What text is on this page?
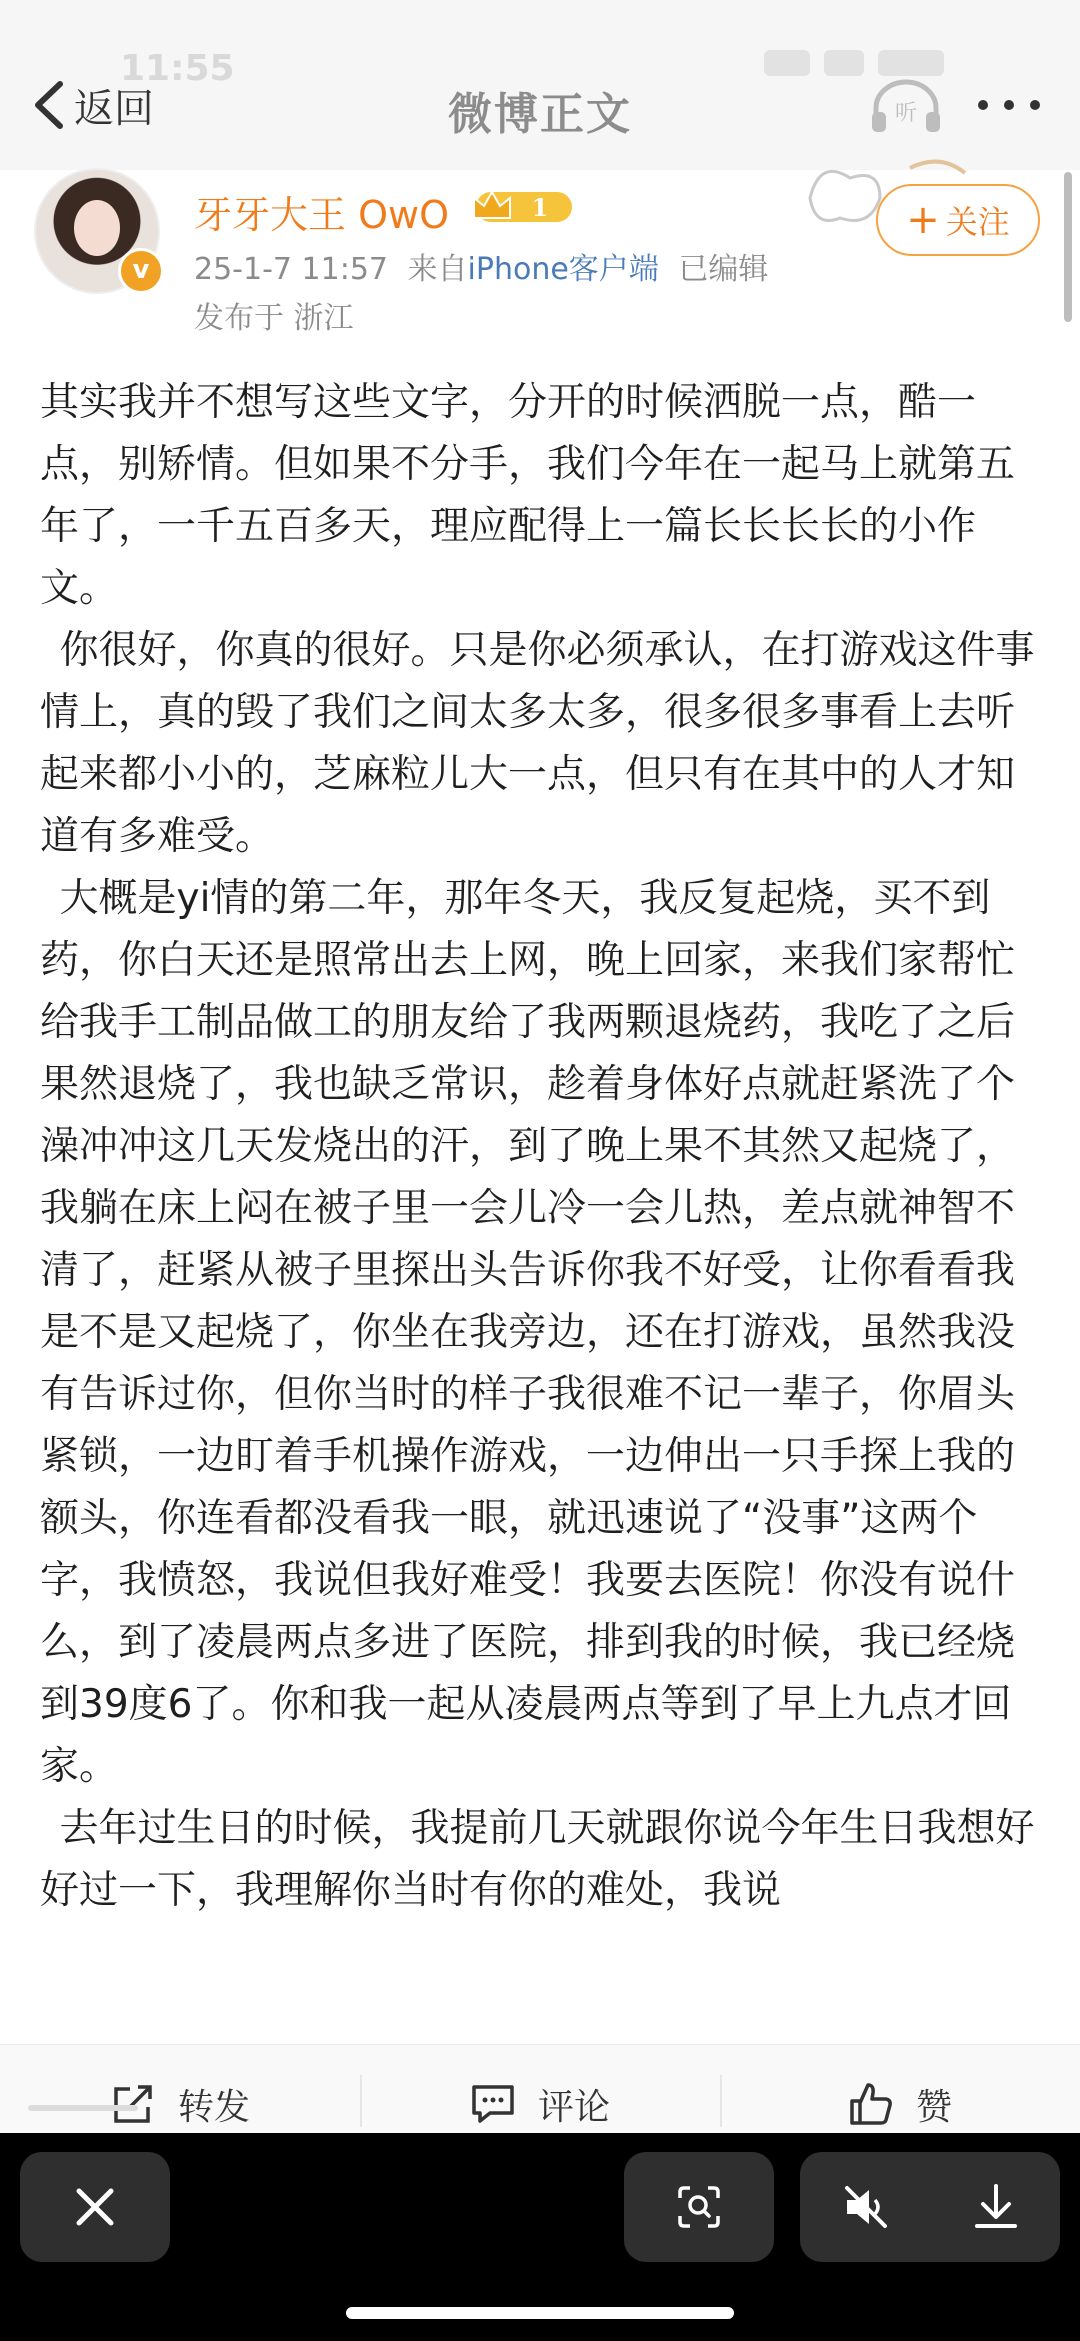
11:55
返回	微博正文	听
v
牙牙大王 OwO	1
25-1-7 11:57 来自iPhone客户端 已编辑
发布于 浙江
+ 关注

其实我并不想写这些文字，分开的时候洒脱一点，酷一点，别矫情。但如果不分手，我们今年在一起马上就第五年了，一千五百多天，理应配得上一篇长长长长的小作文。

你很好，你真的很好。只是你必须承认，在打游戏这件事情上，真的毁了我们之间太多太多，很多很多事看上去听起来都小小的，芝麻粒儿大一点，但只有在其中的人才知道有多难受。

大概是yi情的第二年，那年冬天，我反复起烧，买不到药，你白天还是照常出去上网，晚上回家，来我们家帮忙给我手工制品做工的朋友给了我两颗退烧药，我吃了之后果然退烧了，我也缺乏常识，趁着身体好点就赶紧洗了个澡冲冲这几天发烧出的汗，到了晚上果不其然又起烧了，我躺在床上闷在被子里一会儿冷一会儿热，差点就神智不清了，赶紧从被子里探出头告诉你我不好受，让你看看我是不是又起烧了，你坐在我旁边，还在打游戏，虽然我没有告诉过你，但你当时的样子我很难不记一辈子，你眉头紧锁，一边盯着手机操作游戏，一边伸出一只手探上我的额头，你连看都没看我一眼，就迅速说了“没事”这两个字，我愤怒，我说但我好难受！我要去医院！你没有说什么，到了凌晨两点多进了医院，排到我的时候，我已经烧到39度6了。你和我一起从凌晨两点等到了早上九点才回家。

去年过生日的时候，我提前几天就跟你说今年生日我想好好过一下，我理解你当时有你的难处，我说

转发	评论	赞
